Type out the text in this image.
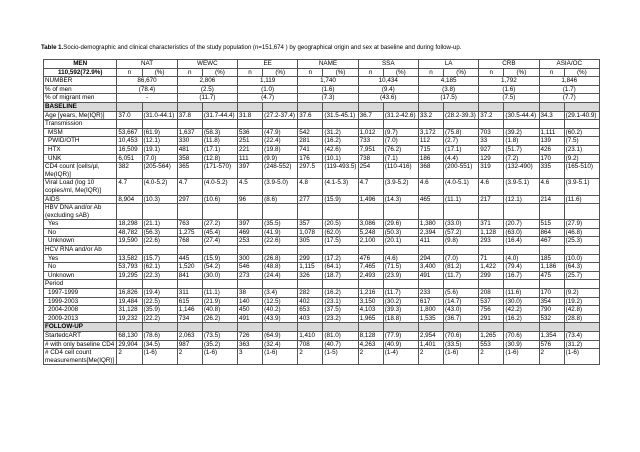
Table 1.Socio-demographic and clinical characteristics of the study population (n=151,674 ) by geographical origin and sex at baseline and during follow-up.
MEN	NAT		WEWC		EE		NAME		SSA		LA		CRB		ASIA/OC	
110,592(72.9%)	n	(%)	n	(%)	n	(%)	n	(%)	n	(%)	n	(%)	n	(%)	n	(%)
NUMBER	86,670		2,806		1,119		1,740		10,434		4,185		1,792		1,846	
% of men	(78.4)		(2.5)		(1.0)		(1.6)		(9.4)		(3.8)		(1.6)		(1.7)	
% of migrant men	-		(11.7)		(4.7)		(7.3)		(43.6)		(17.5)		(7.5)		(7.7)	
BASELINE																
Age [years, Me(IQR)]	37.0	(31.0-44.1)	37.8	(31.7-44.4)	31.8	(27.2-37.4)	37.6	(31.5-45.1)	36.7	(31.2-42.6)	33.2	(28.2-39.3)	37.2	(30.5-44.4)	34.3	(29.1-40.9)
Transmission																
MSM	53,667	(61.9)	1,637	(58.3)	536	(47.9)	542	(31.2)	1,012	(9.7)	3,172	(75.8)	703	(39.2)	1,111	(60.2)
PWID/OTH	10,453	(12.1)	330	(11.8)	251	(22.4)	281	(16.2)	733	(7.0)	112	(2.7)	33	(1.8)	139	(7.5)
HTX	16,509	(19.1)	481	(17.1)	221	(19.8)	741	(42.6)	7,951	(76.2)	715	(17.1)	927	(51.7)	426	(23.1)
UNK	6,051	(7.0)	358	(12.8)	111	(9.9)	176	(10.1)	738	(7.1)	186	(4.4)	129	(7.2)	170	(9.2)
CD4 count [cells/µl, Me(IQR)]	382	(205-564)	365	(171-570)	397	(248-552)	297.5	(119-493.5)	254	(110-416)	368	(200-551)	319	(132-490)	335	(165-510)
Viral Load (log 10 copies/ml, Me(IQR)]	4.7	(4.0-5.2)	4.7	(4.0-5.2)	4.5	(3.9-5.0)	4.8	(4.1-5.3)	4.7	(3.9-5.2)	4.6	(4.0-5.1)	4.6	(3.9-5.1)	4.6	(3.9-5.1)
AIDS	8,904	(10.3)	297	(10.6)	96	(8.6)	277	(15.9)	1,496	(14.3)	465	(11.1)	217	(12.1)	214	(11.6)
HBV DNA and/or Ab (excluding sAB)																
Yes	18,298	(21.1)	763	(27.2)	397	(35.5)	357	(20.5)	3,086	(29.6)	1,380	(33.0)	371	(20.7)	515	(27.9)
No	48,782	(56.3)	1,275	(45.4)	469	(41.9)	1,078	(62.0)	5,248	(50.3)	2,394	(57.2)	1,128	(63.0)	864	(46.8)
Unknown	19,590	(22.6)	768	(27.4)	253	(22.6)	305	(17.5)	2,100	(20.1)	411	(9.8)	293	(16.4)	467	(25.3)
HCV RNA and/or Ab																
Yes	13,582	(15.7)	445	(15.9)	300	(26.8)	299	(17.2)	476	(4.6)	294	(7.0)	71	(4.0)	185	(10.0)
No	53,793	(62.1)	1,520	(54.2)	546	(48.8)	1,115	(64.1)	7,465	(71.5)	3,400	(81.2)	1,422	(79.4)	1,186	(64.3)
Unknown	19,295	(22.3)	841	(30.0)	273	(24.4)	326	(18.7)	2,493	(23.9)	491	(11.7)	299	(16.7)	475	(25.7)
Period																
1997-1999	16,826	(19.4)	311	(11.1)	38	(3.4)	282	(16.2)	1,216	(11.7)	233	(5.6)	208	(11.6)	170	(9.2)
1999-2003	19,484	(22.5)	615	(21.9)	140	(12.5)	402	(23.1)	3,150	(30.2)	617	(14.7)	537	(30.0)	354	(19.2)
2004-2008	31,128	(35.9)	1,146	(40.8)	450	(40.2)	653	(37.5)	4,103	(39.3)	1,800	(43.0)	756	(42.2)	790	(42.8)
2009-2013	19,232	(22.2)	734	(26.2)	491	(43.9)	403	(23.2)	1,965	(18.8)	1,535	(36.7)	291	(16.2)	532	(28.8)
FOLLOW-UP																
StartedcART	68,130	(78.6)	2,063	(73.5)	726	(64.9)	1,410	(81.0)	8,128	(77.9)	2,954	(70.6)	1,265	(70.6)	1,354	(73.4)
# with only baseline CD4	29,904	(34.5)	987	(35.2)	363	(32.4)	708	(40.7)	4,263	(40.9)	1,401	(33.5)	553	(30.9)	576	(31.2)
# CD4 cell count measurements[Me(IQR)]	2	(1-6)	2	(1-6)	3	(1-6)	2	(1-5)	2	(1-4)	2	(1-6)	2	(1-6)	2	(1-6)
